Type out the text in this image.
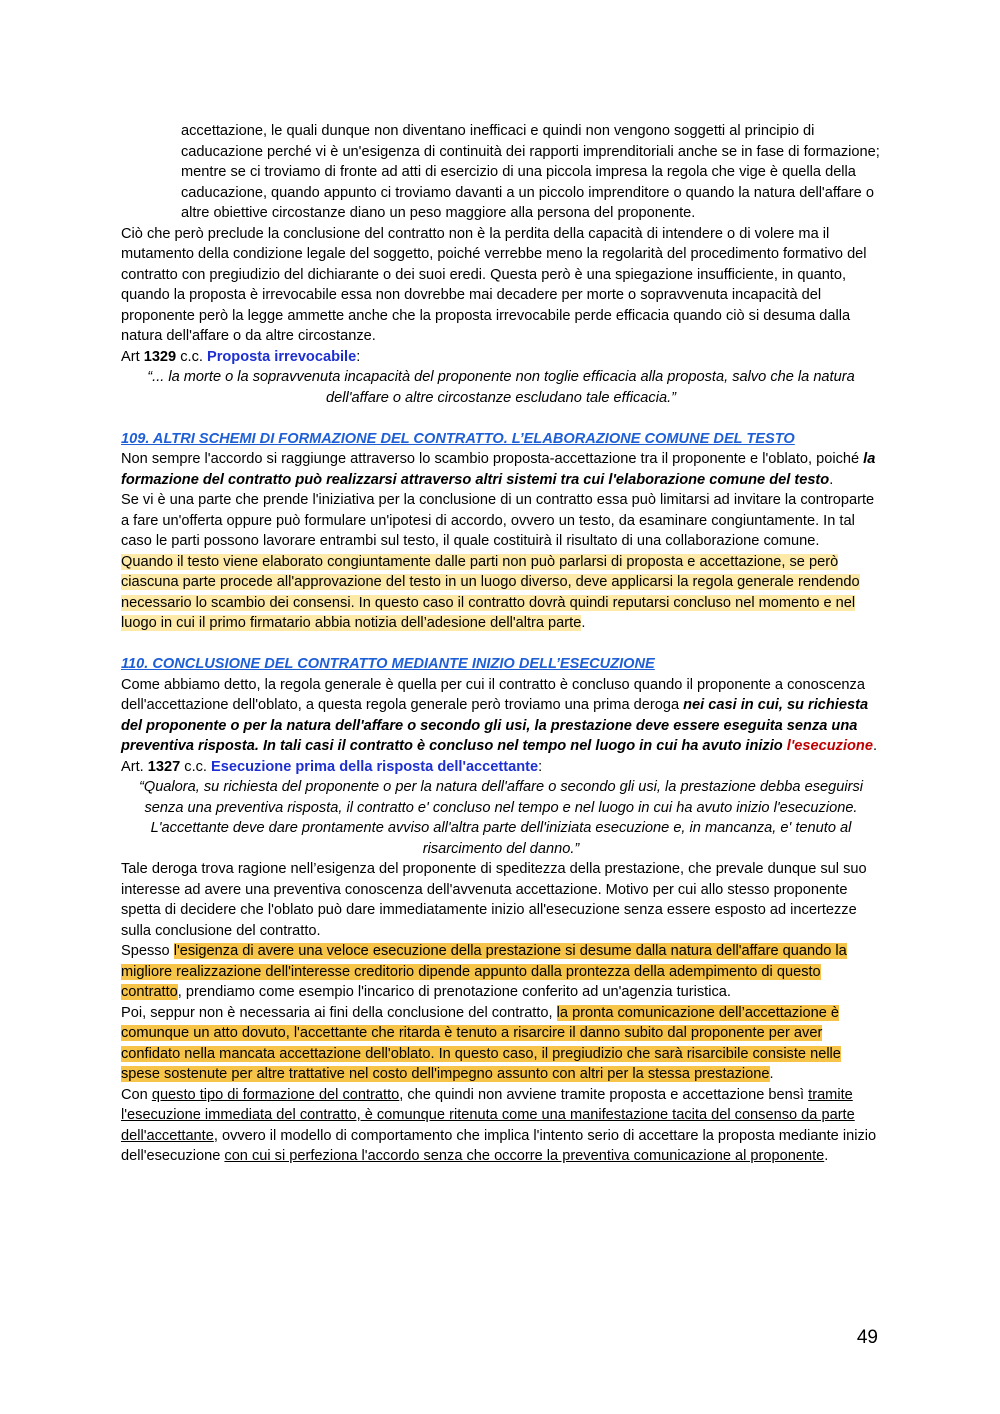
accettazione, le quali dunque non diventano inefficaci e quindi non vengono soggetti al principio di caducazione perché vi è un'esigenza di continuità dei rapporti imprenditoriali anche se in fase di formazione; mentre se ci troviamo di fronte ad atti di esercizio di una piccola impresa la regola che vige è quella della caducazione, quando appunto ci troviamo davanti a un piccolo imprenditore o quando la natura dell'affare o altre obiettive circostanze diano un peso maggiore alla persona del proponente.

Ciò che però preclude la conclusione del contratto non è la perdita della capacità di intendere o di volere ma il mutamento della condizione legale del soggetto, poiché verrebbe meno la regolarità del procedimento formativo del contratto con pregiudizio del dichiarante o dei suoi eredi. Questa però è una spiegazione insufficiente, in quanto, quando la proposta è irrevocabile essa non dovrebbe mai decadere per morte o sopravvenuta incapacità del proponente però la legge ammette anche che la proposta irrevocabile perde efficacia quando ciò si desuma dalla natura dell'affare o da altre circostanze.

Art 1329 c.c. Proposta irrevocabile:

“... la morte o la sopravvenuta incapacità del proponente non toglie efficacia alla proposta, salvo che la natura dell'affare o altre circostanze escludano tale efficacia.”

109. ALTRI SCHEMI DI FORMAZIONE DEL CONTRATTO. L’ELABORAZIONE COMUNE DEL TESTO

Non sempre l'accordo si raggiunge attraverso lo scambio proposta-accettazione tra il proponente e l'oblato, poiché la formazione del contratto può realizzarsi attraverso altri sistemi tra cui l'elaborazione comune del testo.

Se vi è una parte che prende l'iniziativa per la conclusione di un contratto essa può limitarsi ad invitare la controparte a fare un'offerta oppure può formulare un'ipotesi di accordo, ovvero un testo, da esaminare congiuntamente. In tal caso le parti possono lavorare entrambi sul testo, il quale costituirà il risultato di una collaborazione comune.

Quando il testo viene elaborato congiuntamente dalle parti non può parlarsi di proposta e accettazione, se però ciascuna parte procede all'approvazione del testo in un luogo diverso, deve applicarsi la regola generale rendendo necessario lo scambio dei consensi. In questo caso il contratto dovrà quindi reputarsi concluso nel momento e nel luogo in cui il primo firmatario abbia notizia dell’adesione dell'altra parte.

110. CONCLUSIONE DEL CONTRATTO MEDIANTE INIZIO DELL’ESECUZIONE

Come abbiamo detto, la regola generale è quella per cui il contratto è concluso quando il proponente a conoscenza dell'accettazione dell'oblato, a questa regola generale però troviamo una prima deroga nei casi in cui, su richiesta del proponente o per la natura dell'affare o secondo gli usi, la prestazione deve essere eseguita senza una preventiva risposta. In tali casi il contratto è concluso nel tempo nel luogo in cui ha avuto inizio l'esecuzione.

Art. 1327 c.c. Esecuzione prima della risposta dell'accettante:

“Qualora, su richiesta del proponente o per la natura dell'affare o secondo gli usi, la prestazione debba eseguirsi senza una preventiva risposta, il contratto e' concluso nel tempo e nel luogo in cui ha avuto inizio l'esecuzione.

L'accettante deve dare prontamente avviso all'altra parte dell'iniziata esecuzione e, in mancanza, e' tenuto al risarcimento del danno.”

Tale deroga trova ragione nell’esigenza del proponente di speditezza della prestazione, che prevale dunque sul suo interesse ad avere una preventiva conoscenza dell'avvenuta accettazione. Motivo per cui allo stesso proponente spetta di decidere che l'oblato può dare immediatamente inizio all'esecuzione senza essere esposto ad incertezze sulla conclusione del contratto.

Spesso l'esigenza di avere una veloce esecuzione della prestazione si desume dalla natura dell'affare quando la migliore realizzazione dell'interesse creditorio dipende appunto dalla prontezza della adempimento di questo contratto, prendiamo come esempio l'incarico di prenotazione conferito ad un'agenzia turistica.

Poi, seppur non è necessaria ai fini della conclusione del contratto, la pronta comunicazione dell’accettazione è comunque un atto dovuto, l'accettante che ritarda è tenuto a risarcire il danno subito dal proponente per aver confidato nella mancata accettazione dell'oblato. In questo caso, il pregiudizio che sarà risarcibile consiste nelle spese sostenute per altre trattative nel costo dell'impegno assunto con altri per la stessa prestazione.

Con questo tipo di formazione del contratto, che quindi non avviene tramite proposta e accettazione bensì tramite l'esecuzione immediata del contratto, è comunque ritenuta come una manifestazione tacita del consenso da parte dell'accettante, ovvero il modello di comportamento che implica l'intento serio di accettare la proposta mediante inizio dell'esecuzione con cui si perfeziona l'accordo senza che occorre la preventiva comunicazione al proponente.

49
